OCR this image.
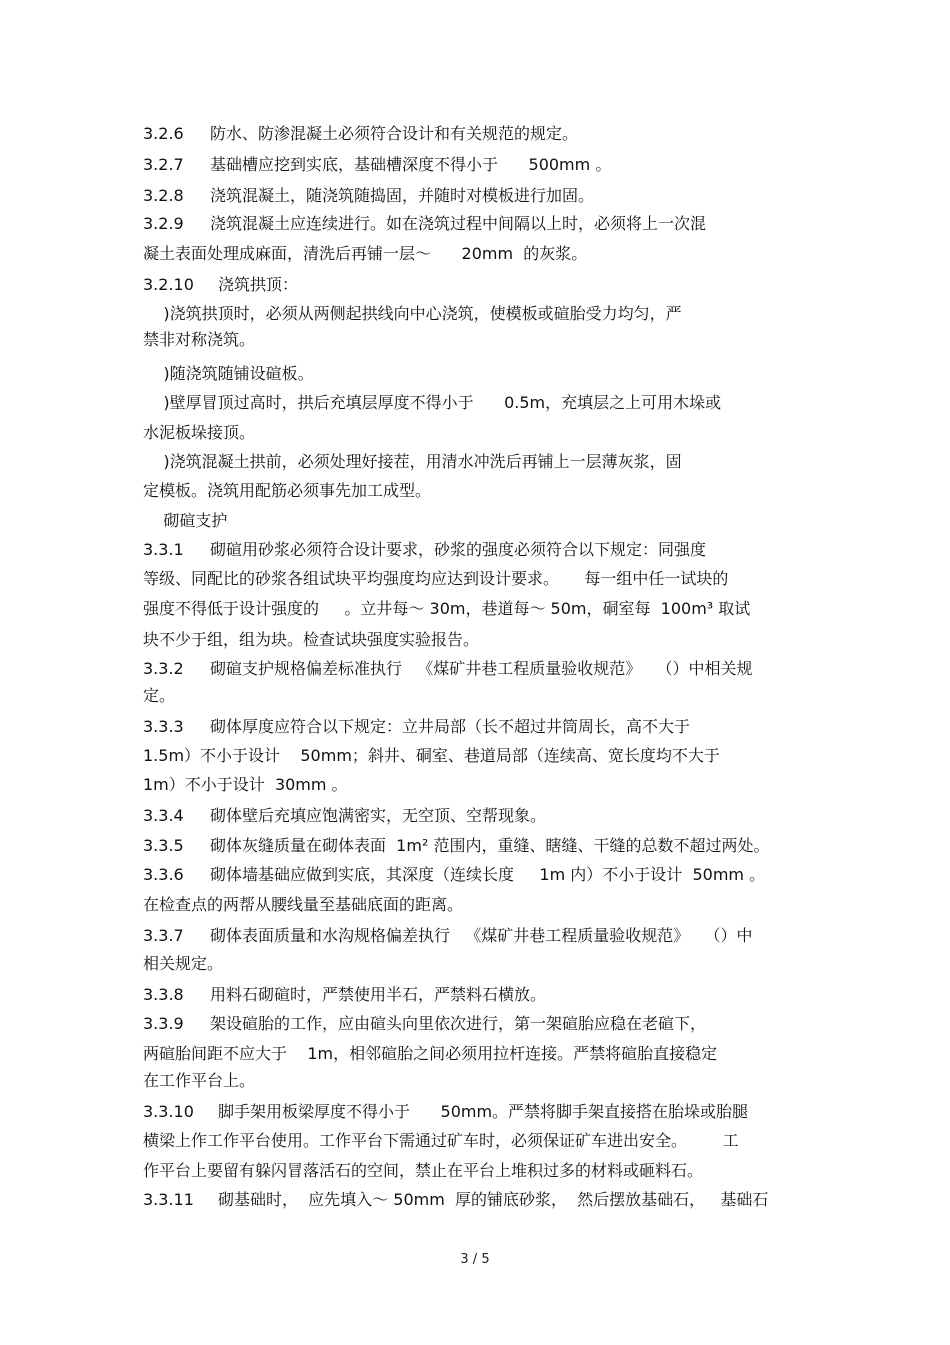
3.2.6 防水、防渗混凝土必须符合设计和有关规范的规定。
3.2.7 基础槽应挖到实底，基础槽深度不得小于      500mm 。
3.2.8 浇筑混凝土，随浇筑随捣固，并随时对模板进行加固。
3.2.9 浇筑混凝土应连续进行。如在浇筑过程中间隔以上时，必须将上一次混
凝土表面处理成麻面，清洗后再铺一层～      20mm  的灰浆。
3.2.10 浇筑拱顶：
)浇筑拱顶时，必须从两侧起拱线向中心浇筑，使模板或碹胎受力均匀，严
禁非对称浇筑。
)随浇筑随铺设碹板。
)壁厚冒顶过高时，拱后充填层厚度不得小于      0.5m，充填层之上可用木垛或
水泥板垛接顶。
)浇筑混凝土拱前，必须处理好接茬，用清水冲洗后再铺上一层薄灰浆，固
定模板。浇筑用配筋必须事先加工成型。
砌碹支护
3.3.1 砌碹用砂浆必须符合设计要求，砂浆的强度必须符合以下规定：同强度
等级、同配比的砂浆各组试块平均强度均应达到设计要求。     每一组中任一试块的
强度不得低于设计强度的     。立井每～ 30m，巷道每～ 50m，硐室每  100m³ 取试
块不少于组，组为块。检查试块强度实验报告。
3.3.2 砌碹支护规格偏差标准执行   《煤矿井巷工程质量验收规范》   （）中相关规
定。
3.3.3 砌体厚度应符合以下规定：立井局部（长不超过井筒周长，高不大于
1.5m）不小于设计    50mm；斜井、硐室、巷道局部（连续高、宽长度均不大于
1m）不小于设计  30mm 。
3.3.4 砌体壁后充填应饱满密实，无空顶、空帮现象。
3.3.5 砌体灰缝质量在砌体表面  1m² 范围内，重缝、瞎缝、干缝的总数不超过两处。
3.3.6 砌体墙基础应做到实底，其深度（连续长度     1m 内）不小于设计  50mm 。
在检查点的两帮从腰线量至基础底面的距离。
3.3.7 砌体表面质量和水沟规格偏差执行   《煤矿井巷工程质量验收规范》   （）中
相关规定。
3.3.8 用料石砌碹时，严禁使用半石，严禁料石横放。
3.3.9 架设碹胎的工作，应由碹头向里依次进行，第一架碹胎应稳在老碹下，
两碹胎间距不应大于    1m，相邻碹胎之间必须用拉杆连接。严禁将碹胎直接稳定
在工作平台上。
3.3.10 脚手架用板梁厚度不得小于      50mm。严禁将脚手架直接搭在胎垛或胎腿
横梁上作工作平台使用。工作平台下需通过矿车时，必须保证矿车进出安全。       工
作平台上要留有躲闪冒落活石的空间，禁止在平台上堆积过多的材料或砸料石。
3.3.11 砌基础时，  应先填入～ 50mm  厚的铺底砂浆，  然后摆放基础石，   基础石
3 / 5
